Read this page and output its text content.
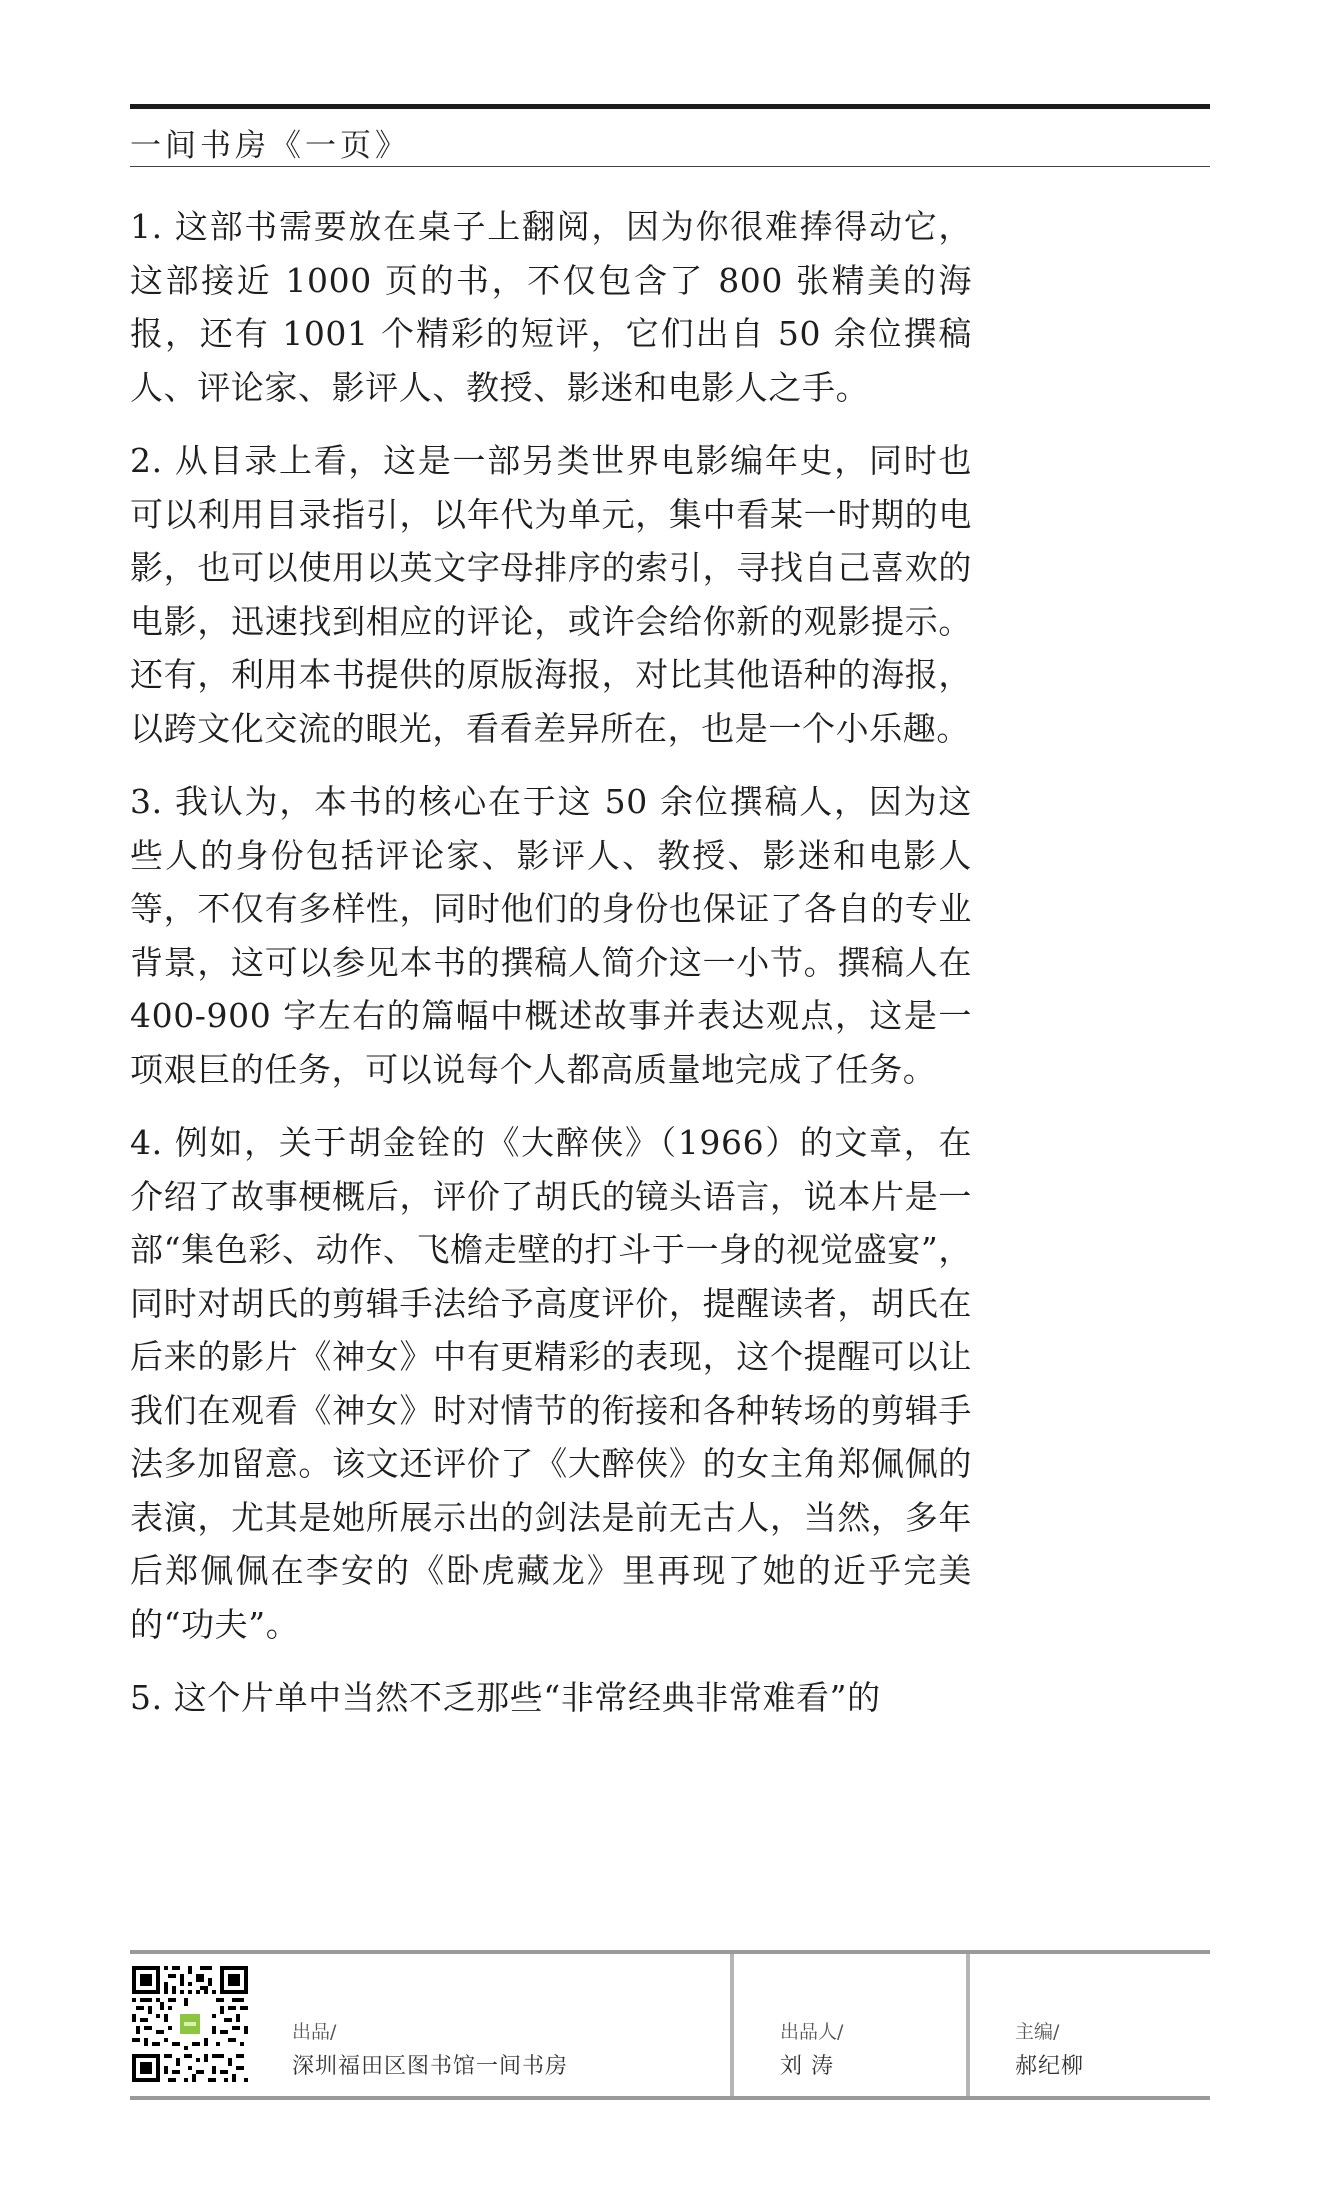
一间书房《一页》

1. 这部书需要放在桌子上翻阅，因为你很难捧得动它，这部接近 1000 页的书，不仅包含了 800 张精美的海报，还有 1001 个精彩的短评，它们出自 50 余位撰稿人、评论家、影评人、教授、影迷和电影人之手。

2. 从目录上看，这是一部另类世界电影编年史，同时也可以利用目录指引，以年代为单元，集中看某一时期的电影，也可以使用以英文字母排序的索引，寻找自己喜欢的电影，迅速找到相应的评论，或许会给你新的观影提示。还有，利用本书提供的原版海报，对比其他语种的海报，以跨文化交流的眼光，看看差异所在，也是一个小乐趣。

3. 我认为，本书的核心在于这 50 余位撰稿人，因为这些人的身份包括评论家、影评人、教授、影迷和电影人等，不仅有多样性，同时他们的身份也保证了各自的专业背景，这可以参见本书的撰稿人简介这一小节。撰稿人在 400-900 字左右的篇幅中概述故事并表达观点，这是一项艰巨的任务，可以说每个人都高质量地完成了任务。

4. 例如，关于胡金铨的《大醉侠》（1966）的文章，在介绍了故事梗概后，评价了胡氏的镜头语言，说本片是一部“集色彩、动作、飞檐走壁的打斗于一身的视觉盛宴”，同时对胡氏的剪辑手法给予高度评价，提醒读者，胡氏在后来的影片《神女》中有更精彩的表现，这个提醒可以让我们在观看《神女》时对情节的衔接和各种转场的剪辑手法多加留意。该文还评价了《大醉侠》的女主角郑佩佩的表演，尤其是她所展示出的剑法是前无古人，当然，多年后郑佩佩在李安的《卧虎藏龙》里再现了她的近乎完美的“功夫”。

5. 这个片单中当然不乏那些“非常经典非常难看”的

出品/
深圳福田区图书馆一间书房
出品人/
刘 涛
主编/
郝纪柳
